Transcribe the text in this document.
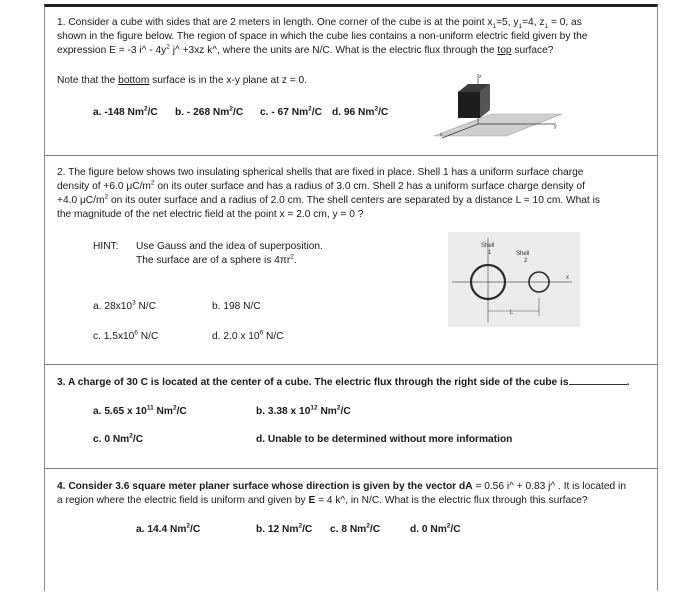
1. Consider a cube with sides that are 2 meters in length. One corner of the cube is at the point $x_1=5$, $y_1=4$, $z_1 = 0$, as
shown in the figure below. The region of space in which the cube lies contains a non-uniform electric field given by the
expression E = -3 i^ - $4y^2$ j^ +3xz k^, where the units are N/C. What is the electric flux through the top surface?
Note that the bottom surface is in the x-y plane at z = 0.
a. -148 Nm$^2$/C b. - 268 Nm$^2$/C c. - 67 Nm$^2$/C d. 96 Nm$^2$/C
z
y
x
2. The figure below shows two insulating spherical shells that are fixed in place. Shell 1 has a uniform surface charge
density of +6.0 $\mu C/m^2$ on its outer surface and has a radius of 3.0 cm. Shell 2 has a uniform surface charge density of
+4.0 $\mu C/m^2$ on its outer surface and a radius of 2.0 cm. The shell centers are separated by a distance L = 10 cm. What is
the magnitude of the net electric field at the point x = 2.0 cm, y = 0 ?
HINT: Use Gauss and the idea of superposition.
The surface are of a sphere is $4\pi r^2$.
a. $28x10^3$ N/C	b. 198 N/C
c. $1.5x10^6$ N/C	d. 2.0 x $10^6$ N/C
Shell
1	Shell
2
x
L
3. A charge of 30 C is located at the center of a cube. The electric flux through the right side of the cube is	.
a. 5.65 x $10^{11}$ Nm$^2$/C	b. 3.38 x $10^{12}$ Nm$^2$/C
c. 0 Nm$^2$/C	d. Unable to be determined without more information
4. Consider 3.6 square meter planer surface whose direction is given by the vector dA = 0.56 i^ + 0.83 j^ . It is located in
a region where the electric field is uniform and given by E = 4 k^, in N/C. What is the electric flux through this surface?
a. 14.4 Nm$^2$/C	b. 12 Nm$^2$/C c. 8 Nm$^2$/C	d. 0 Nm$^2$/C
